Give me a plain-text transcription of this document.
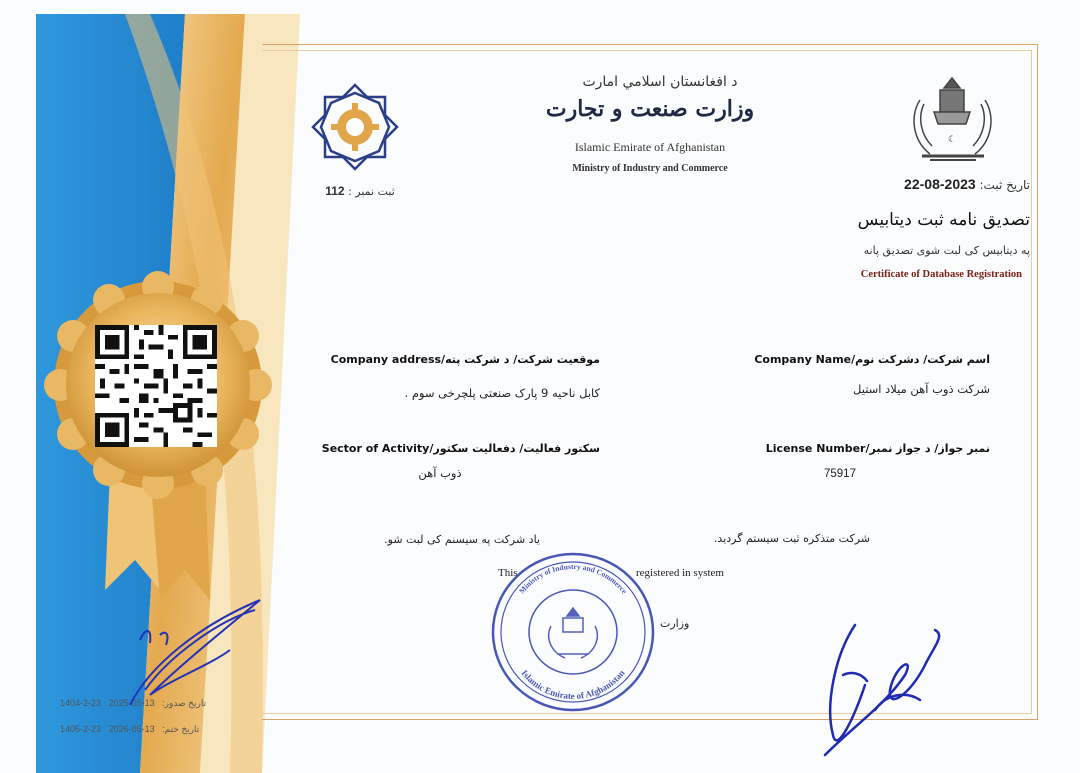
1404-2-23 2025-05-13 تاریخ صدور:
1405-2-23 2026-05-13 تاریخ ختم:
ثبت نمبر : 112
د افغانستان اسلامي امارت
وزارت صنعت و تجارت
Islamic Emirate of Afghanistan
Ministry of Industry and Commerce
☾
تاریخ ثبت: 2023-08-22
تصدیق نامه ثبت دیتابیس
په دیتابیس کی لبت شوی تصدیق پانه
Certificate of Database Registration
اسم شرکت/ دشرکت نوم/Company Name
شرکت ذوب آهن میلاد استیل
موقعیت شرکت/ د شرکت پته/Company address
کابل ناحیه 9 پارک صنعتی پلچرخی سوم .
نمبر جواز/ د جواز نمبر/License Number
75917
سکتور فعالیت/ دفعالیت سکتور/Sector of Activity
ذوب آهن
شرکت متذکره ثبت سیستم گردید.
یاد شرکت په سیسنم کی لبت شو.
This	registered in system
وزارت
Islamic Emirate of Afghanistan
Ministry of Industry and Commerce
